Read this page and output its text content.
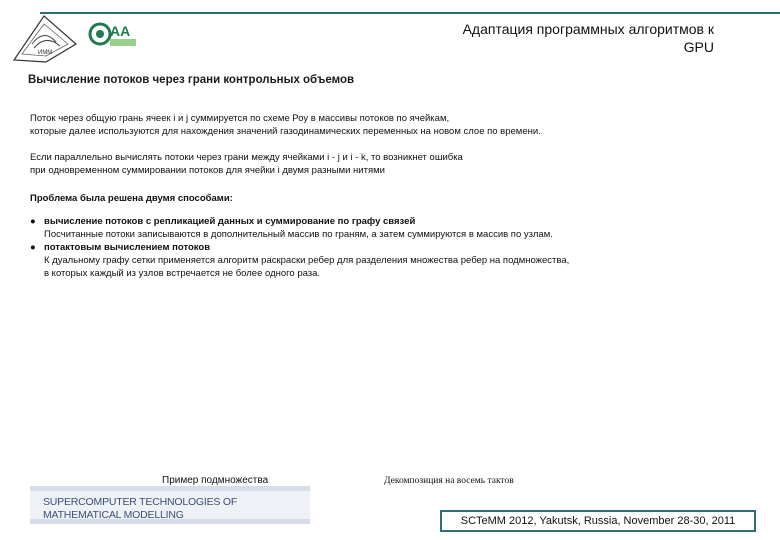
ИММ
AA	Адаптация программных алгоритмов к
GPU
Вычисление потоков через грани контрольных объемов
Поток через общую грань ячеек i и j суммируется по схеме Роу в массивы потоков по ячейкам,
которые далее используются для нахождения значений газодинамических переменных на новом слое по времени.
Если параллельно вычислять потоки через грани между ячейками i - j и i - k, то возникнет ошибка
при одновременном суммировании потоков для ячейки i двумя разными нитями
Проблема была решена двумя способами:
● вычисление потоков с репликацией данных и суммирование по графу связей
Посчитанные потоки записываются в дополнительный массив по граням, а затем суммируются в массив по узлам.
● потактовым вычислением потоков
К дуальному графу сетки применяется алгоритм раскраски ребер для разделения множества ребер на подмножества,
в которых каждый из узлов встречается не более одного раза.
Пример подмножества	Декомпозиция на восемь тактов
SUPERCOMPUTER TECHNOLOGIES OF
MATHEMATICAL MODELLING	SCTeMM 2012, Yakutsk, Russia, November 28-30, 2011
